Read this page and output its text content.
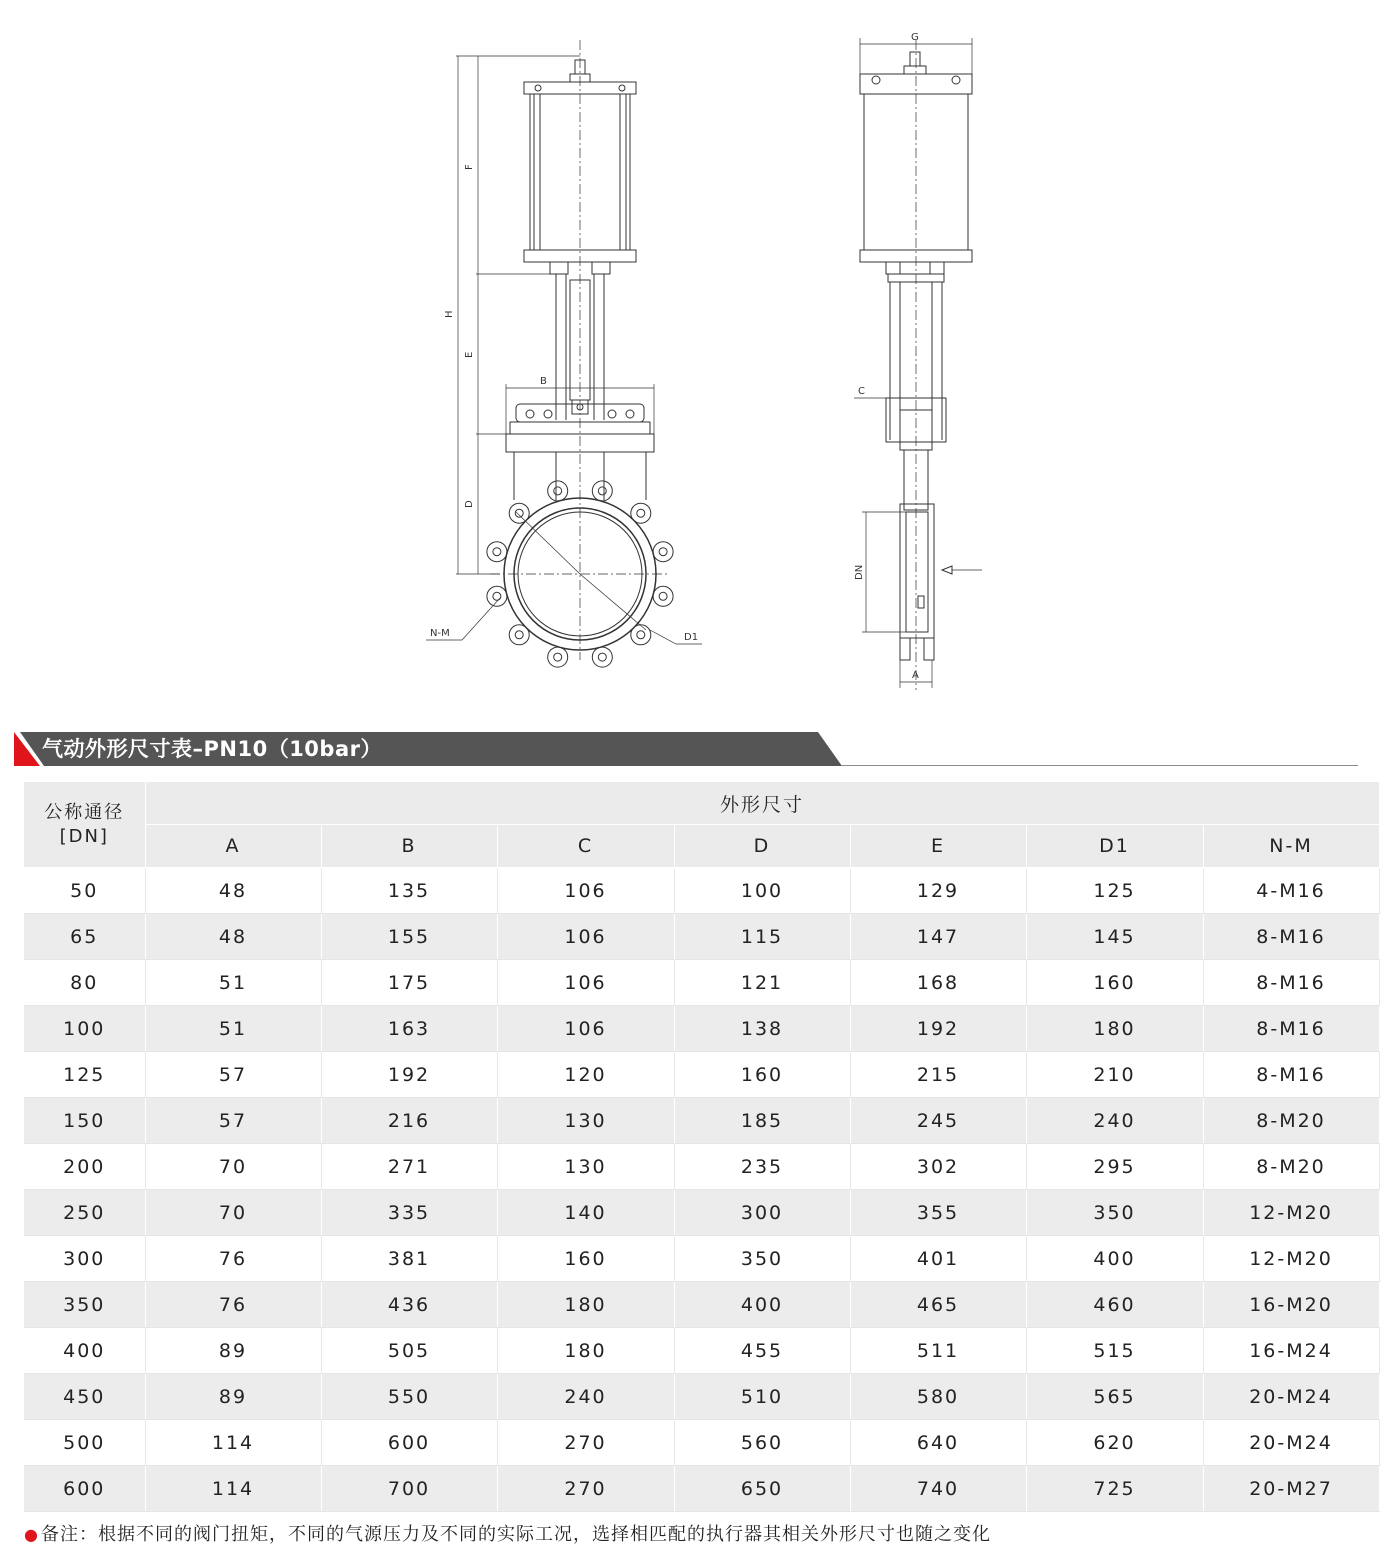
F
H
E
B
D
N-M	D1
G
C
DN
A
气动外形尺寸表–PN10（10bar）
公称通径
[DN]	外形尺寸						
	A	B	C	D	E	D1	N-M
50	48	135	106	100	129	125	4-M16
65	48	155	106	115	147	145	8-M16
80	51	175	106	121	168	160	8-M16
100	51	163	106	138	192	180	8-M16
125	57	192	120	160	215	210	8-M16
150	57	216	130	185	245	240	8-M20
200	70	271	130	235	302	295	8-M20
250	70	335	140	300	355	350	12-M20
300	76	381	160	350	401	400	12-M20
350	76	436	180	400	465	460	16-M20
400	89	505	180	455	511	515	16-M24
450	89	550	240	510	580	565	20-M24
500	114	600	270	560	640	620	20-M24
600	114	700	270	650	740	725	20-M27
● 备注：根据不同的阀门扭矩，不同的气源压力及不同的实际工况，选择相匹配的执行器其相关外形尺寸也随之变化
